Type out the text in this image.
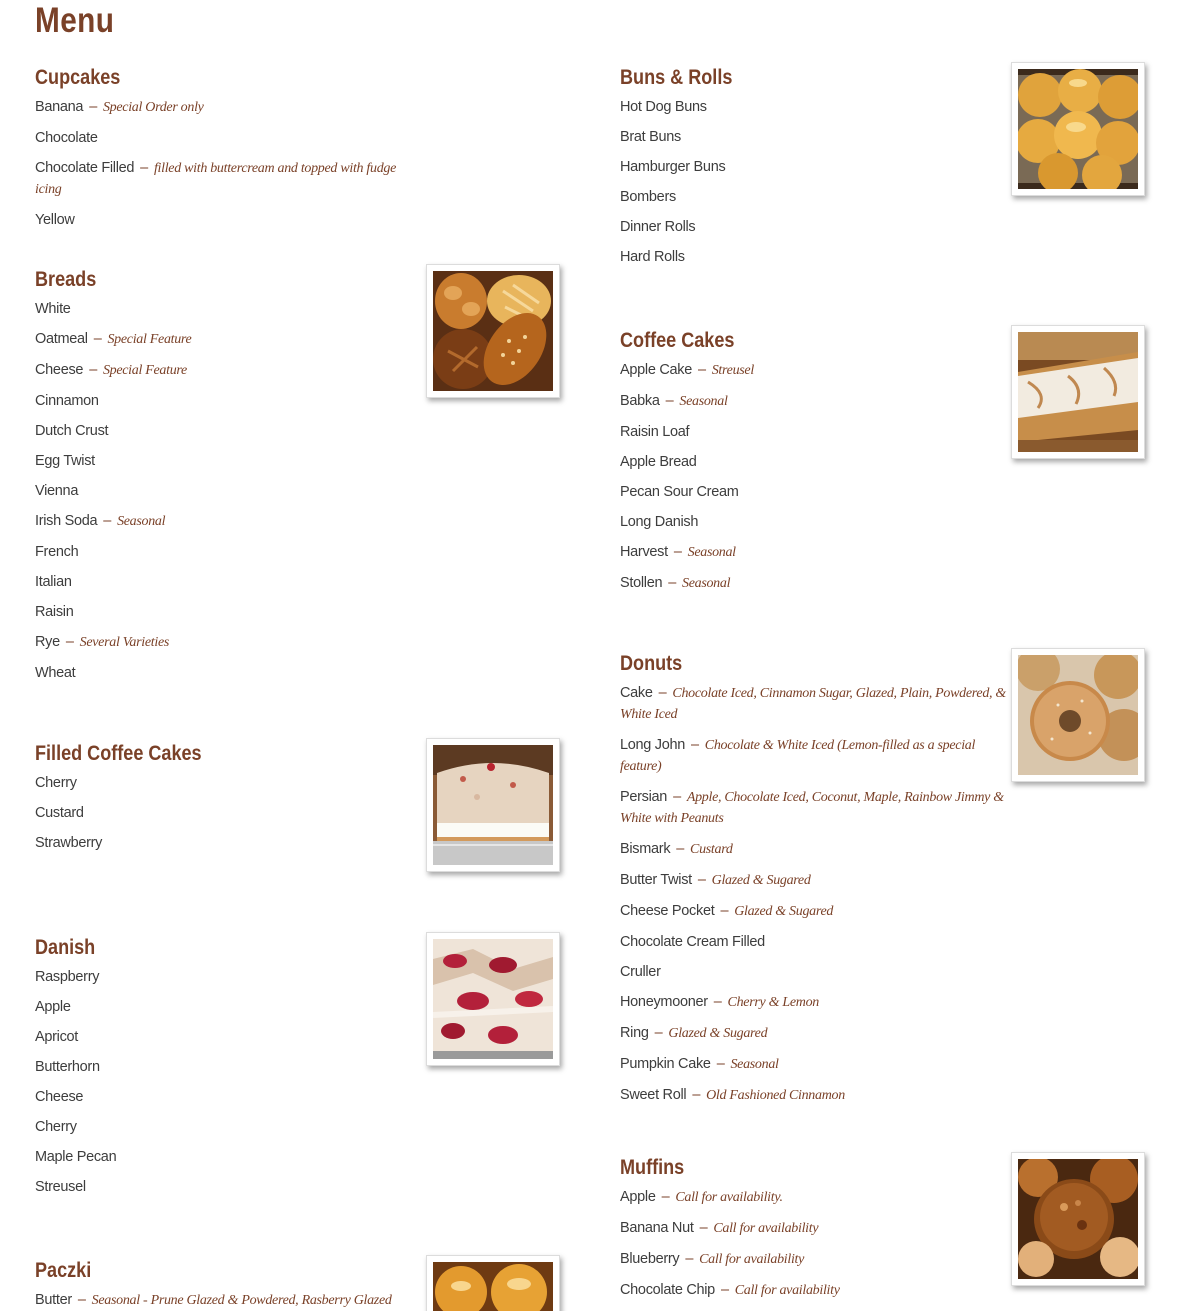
Menu
Cupcakes
Banana – Special Order only
Chocolate
Chocolate Filled – filled with buttercream and topped with fudge icing
Yellow
Breads
White
Oatmeal – Special Feature
Cheese – Special Feature
Cinnamon
Dutch Crust
Egg Twist
Vienna
Irish Soda – Seasonal
French
Italian
Raisin
Rye – Several Varieties
Wheat
Filled Coffee Cakes
Cherry
Custard
Strawberry
Danish
Raspberry
Apple
Apricot
Butterhorn
Cheese
Cherry
Maple Pecan
Streusel
Paczki
Butter – Seasonal - Prune Glazed & Powdered, Rasberry Glazed
Buns & Rolls
Hot Dog Buns
Brat Buns
Hamburger Buns
Bombers
Dinner Rolls
Hard Rolls
Coffee Cakes
Apple Cake – Streusel
Babka – Seasonal
Raisin Loaf
Apple Bread
Pecan Sour Cream
Long Danish
Harvest – Seasonal
Stollen – Seasonal
Donuts
Cake – Chocolate Iced, Cinnamon Sugar, Glazed, Plain, Powdered, & White Iced
Long John – Chocolate & White Iced (Lemon-filled as a special feature)
Persian – Apple, Chocolate Iced, Coconut, Maple, Rainbow Jimmy & White with Peanuts
Bismark – Custard
Butter Twist – Glazed & Sugared
Cheese Pocket – Glazed & Sugared
Chocolate Cream Filled
Cruller
Honeymooner – Cherry & Lemon
Ring – Glazed & Sugared
Pumpkin Cake – Seasonal
Sweet Roll – Old Fashioned Cinnamon
Muffins
Apple – Call for availability.
Banana Nut – Call for availability
Blueberry – Call for availability
Chocolate Chip – Call for availability
